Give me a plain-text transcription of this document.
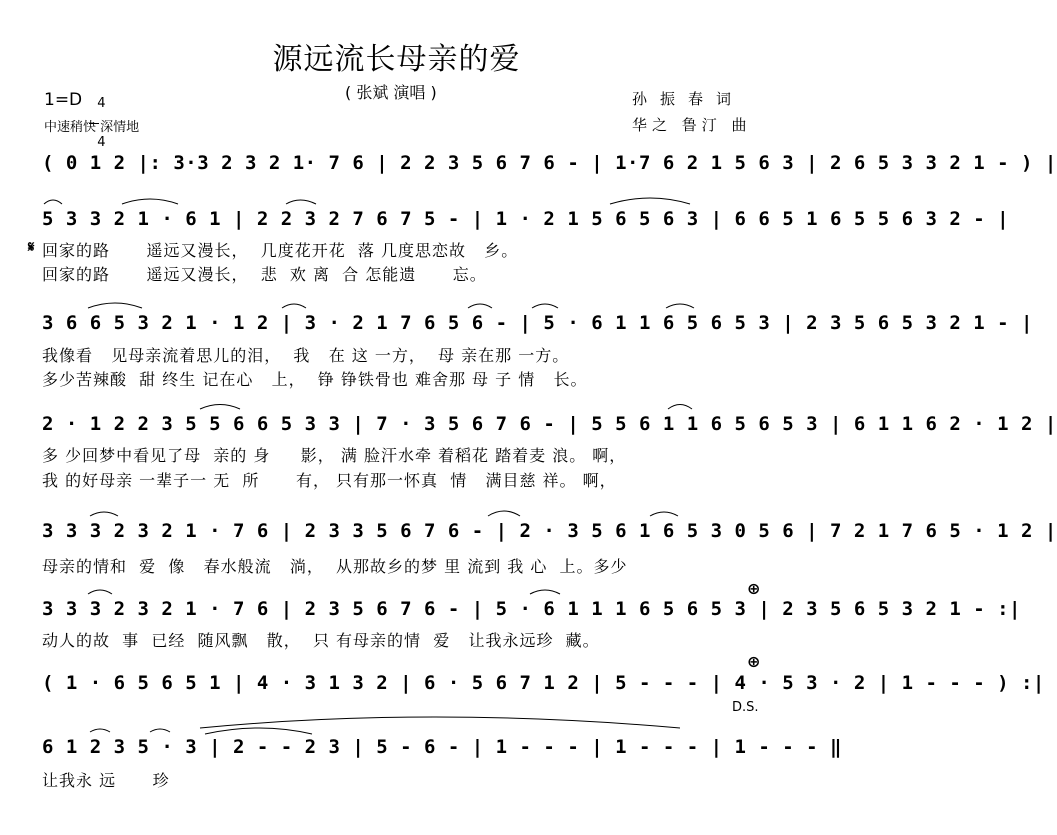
源远流长母亲的爱
( 张斌 演唱 )
1=D	4

4

中速稍快 深情地
孙振春词
华之 鲁汀 曲
( 0 1 2 |: 3·3 2 3 2 1· 7 6 | 2 2 3 5 6 7 6 - | 1·7 6 2 1 5 6 3 | 2 6 5 3 3 2 1 - ) |
5 3 3 2 1 · 6 1 | 2 2 3 2 7 6 7 5 - | 1 · 2 1 5 6 5 6 3 | 6 6 5 1 6 5 5 6 3 2 - |
𝄋 回家的路      遥远又漫长，  几度花开花  落 几度思恋故   乡。
回家的路      遥远又漫长，  悲  欢 离  合 怎能遗      忘。
3 6 6 5 3 2 1 · 1 2 | 3 · 2 1 7 6 5 6 - | 5 · 6 1 1 6 5 6 5 3 | 2 3 5 6 5 3 2 1 - |
我像看   见母亲流着思儿的泪，  我   在 这 一方，  母 亲在那 一方。
多少苦辣酸  甜 终生 记在心   上，  铮 铮铁骨也 难舍那 母 子 情   长。
2 · 1 2 2 3 5 5 6 6 5 3 3 | 7 · 3 5 6 7 6 - | 5 5 6 1 1 6 5 6 5 3 | 6 1 1 6 2 · 1 2 |
多 少回梦中看见了母  亲的 身     影， 满 脸汗水牵 着稻花 踏着麦 浪。 啊，
我 的好母亲 一辈子一 无  所      有， 只有那一怀真  情   满目慈 祥。 啊，
3 3 3 2 3 2 1 · 7 6 | 2 3 3 5 6 7 6 - | 2 · 3 5 6 1 6 5 3 0 5 6 | 7 2 1 7 6 5 · 1 2 |
母亲的情和  爱  像   春水般流   淌，  从那故乡的梦 里 流到 我 心  上。多少
⊕
3 3 3 2 3 2 1 · 7 6 | 2 3 5 6 7 6 - | 5 · 6 1 1 1 6 5 6 5 3 | 2 3 5 6 5 3 2 1 - :|
动人的故  事  已经  随风飘   散，  只 有母亲的情  爱   让我永远珍  藏。
⊕
( 1 · 6 5 6 5 1 | 4 · 3 1 3 2 | 6 · 5 6 7 1 2 | 5 - - - | 4 · 5 3 · 2 | 1 - - - ) :|
D.S.
6 1 2 3 5 · 3 | 2 - - 2 3 | 5 - 6 - | 1 - - - | 1 - - - | 1 - - - ‖
让我永 远      珍
